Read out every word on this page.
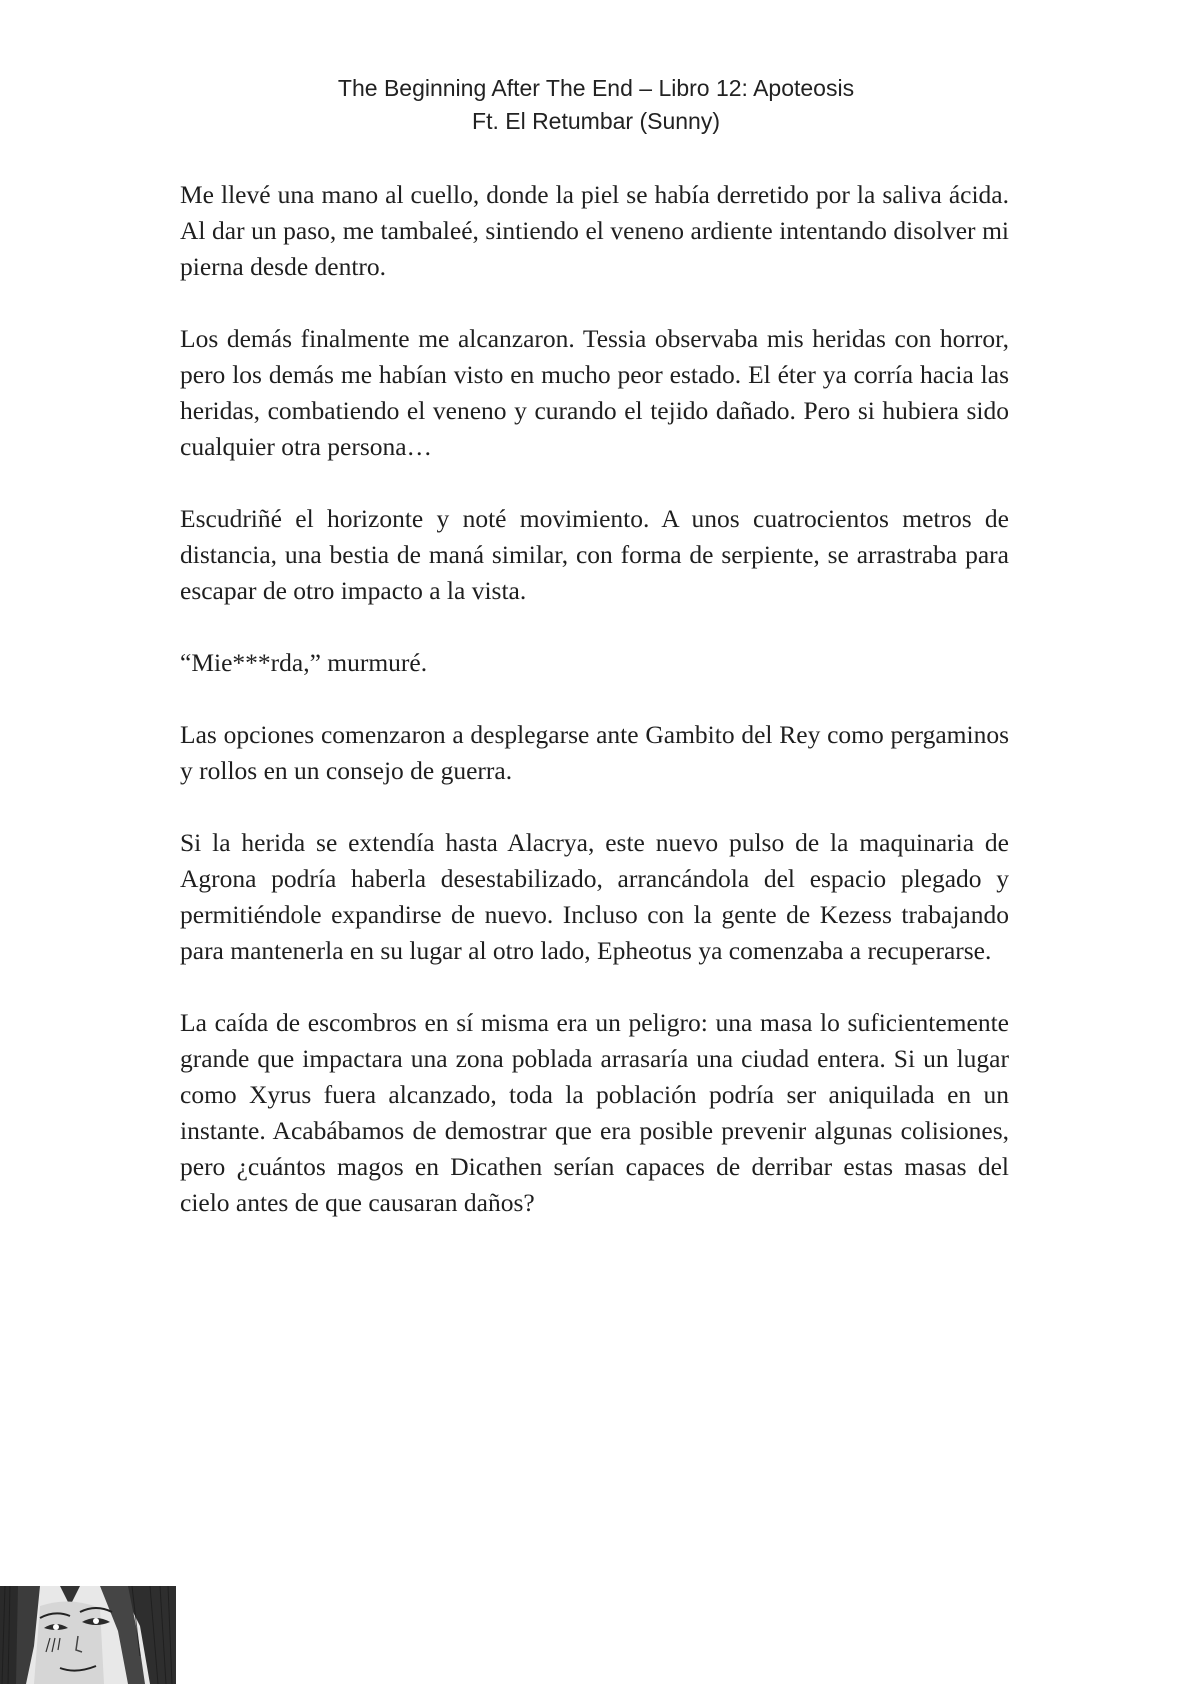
The Beginning After The End – Libro 12: Apoteosis
Ft. El Retumbar (Sunny)

Me llevé una mano al cuello, donde la piel se había derretido por la saliva ácida. Al dar un paso, me tambaleé, sintiendo el veneno ardiente intentando disolver mi pierna desde dentro.

Los demás finalmente me alcanzaron. Tessia observaba mis heridas con horror, pero los demás me habían visto en mucho peor estado. El éter ya corría hacia las heridas, combatiendo el veneno y curando el tejido dañado. Pero si hubiera sido cualquier otra persona…

Escudriñé el horizonte y noté movimiento. A unos cuatrocientos metros de distancia, una bestia de maná similar, con forma de serpiente, se arrastraba para escapar de otro impacto a la vista.

“Mie***rda,” murmuré.

Las opciones comenzaron a desplegarse ante Gambito del Rey como pergaminos y rollos en un consejo de guerra.

Si la herida se extendía hasta Alacrya, este nuevo pulso de la maquinaria de Agrona podría haberla desestabilizado, arrancándola del espacio plegado y permitiéndole expandirse de nuevo. Incluso con la gente de Kezess trabajando para mantenerla en su lugar al otro lado, Epheotus ya comenzaba a recuperarse.

La caída de escombros en sí misma era un peligro: una masa lo suficientemente grande que impactara una zona poblada arrasaría una ciudad entera. Si un lugar como Xyrus fuera alcanzado, toda la población podría ser aniquilada en un instante. Acabábamos de demostrar que era posible prevenir algunas colisiones, pero ¿cuántos magos en Dicathen serían capaces de derribar estas masas del cielo antes de que causaran daños?
